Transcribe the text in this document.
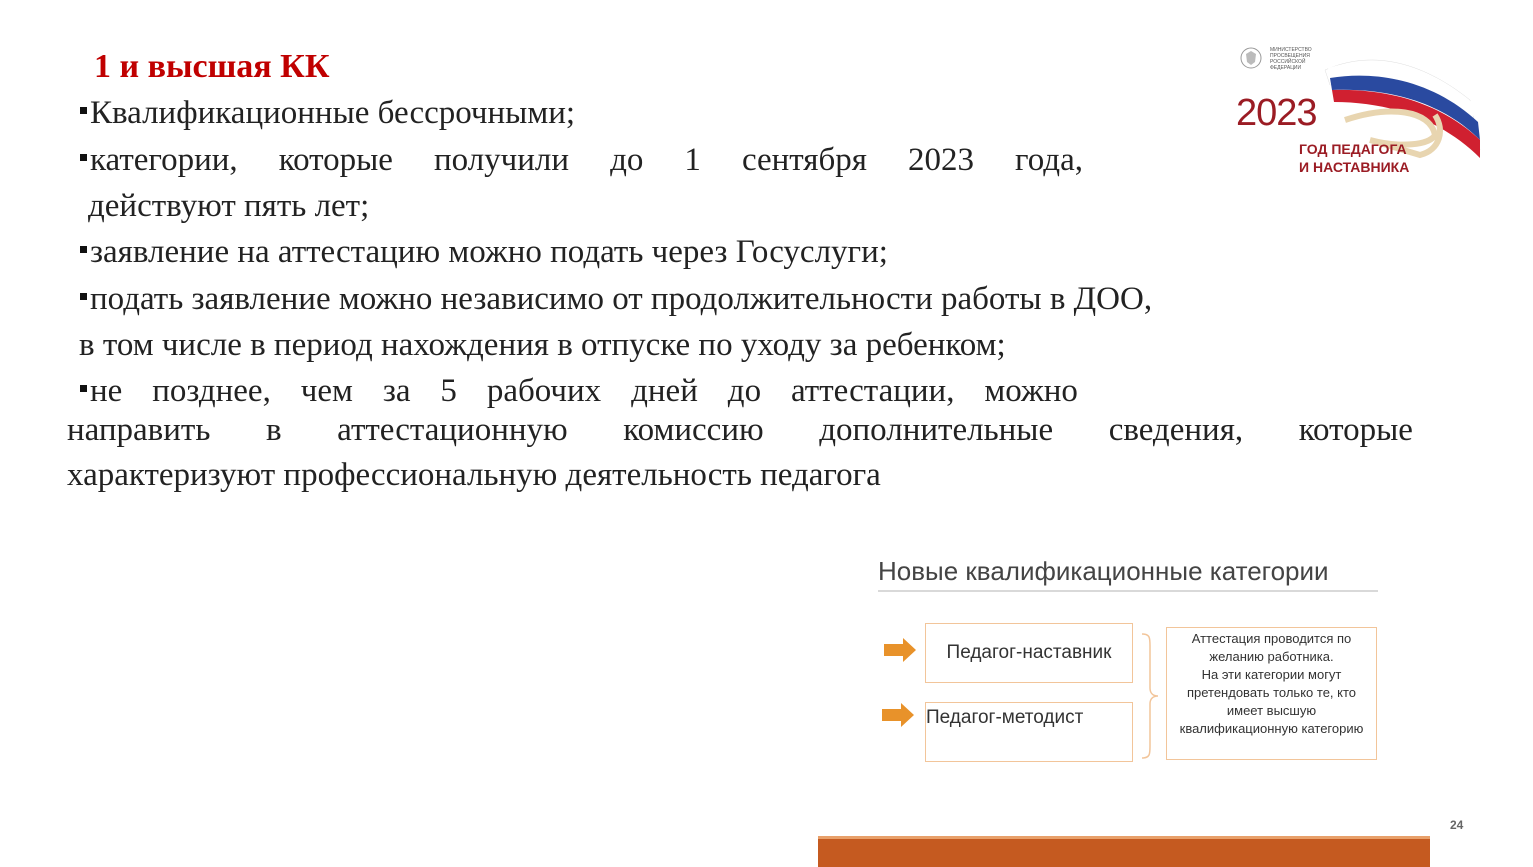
1 и высшая КК
Квалификационные бессрочными;
категории, которые получили до 1 сентября 2023 года,
действуют пять лет;
заявление на аттестацию можно подать через Госуслуги;
подать заявление можно независимо от продолжительности работы в ДОО,
в том числе в период нахождения в отпуске по уходу за ребенком;
не позднее, чем за 5 рабочих дней до аттестации, можно
направить в аттестационную комиссию дополнительные сведения, которые
характеризуют профессиональную деятельность педагога
МИНИСТЕРСТВО ПРОСВЕЩЕНИЯ РОССИЙСКОЙ ФЕДЕРАЦИИ
2023
ГОД ПЕДАГОГА
И НАСТАВНИКА
Новые квалификационные категории
Педагог-наставник
Педагог-методист
Аттестация проводится по
желанию работника.
На эти категории могут
претендовать только те, кто
имеет высшую
квалификационную категорию
24
